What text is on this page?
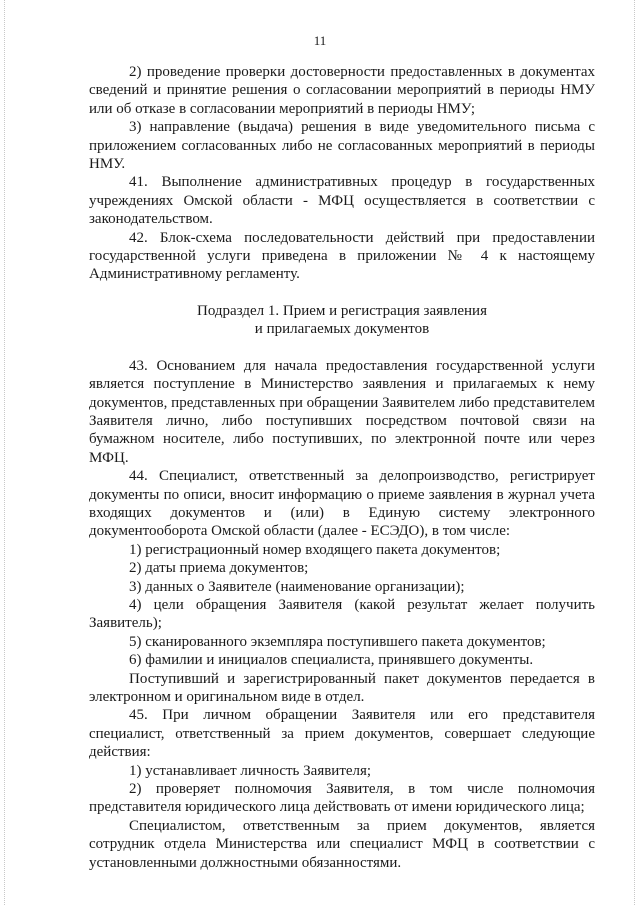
11

2) проведение проверки достоверности предоставленных в документах сведений и принятие решения о согласовании мероприятий в периоды НМУ или об отказе в согласовании мероприятий в периоды НМУ;

3) направление (выдача) решения в виде уведомительного письма с приложением согласованных либо не согласованных мероприятий в периоды НМУ.

41. Выполнение административных процедур в государственных учреждениях Омской области - МФЦ осуществляется в соответствии с законодательством.

42. Блок-схема последовательности действий при предоставлении государственной услуги приведена в приложении № 4 к настоящему Административному регламенту.

Подраздел 1. Прием и регистрация заявления
и прилагаемых документов

43. Основанием для начала предоставления государственной услуги является поступление в Министерство заявления и прилагаемых к нему документов, представленных при обращении Заявителем либо представителем Заявителя лично, либо поступивших посредством почтовой связи на бумажном носителе, либо поступивших, по электронной почте или через МФЦ.

44. Специалист, ответственный за делопроизводство, регистрирует документы по описи, вносит информацию о приеме заявления в журнал учета входящих документов и (или) в Единую систему электронного документооборота Омской области (далее - ЕСЭДО), в том числе:

1) регистрационный номер входящего пакета документов;

2) даты приема документов;

3) данных о Заявителе (наименование организации);

4) цели обращения Заявителя (какой результат желает получить Заявитель);

5) сканированного экземпляра поступившего пакета документов;

6) фамилии и инициалов специалиста, принявшего документы.

Поступивший и зарегистрированный пакет документов передается в электронном и оригинальном виде в отдел.

45. При личном обращении Заявителя или его представителя специалист, ответственный за прием документов, совершает следующие действия:

1) устанавливает личность Заявителя;

2) проверяет полномочия Заявителя, в том числе полномочия представителя юридического лица действовать от имени юридического лица;

Специалистом, ответственным за прием документов, является сотрудник отдела Министерства или специалист МФЦ в соответствии с установленными должностными обязанностями.
